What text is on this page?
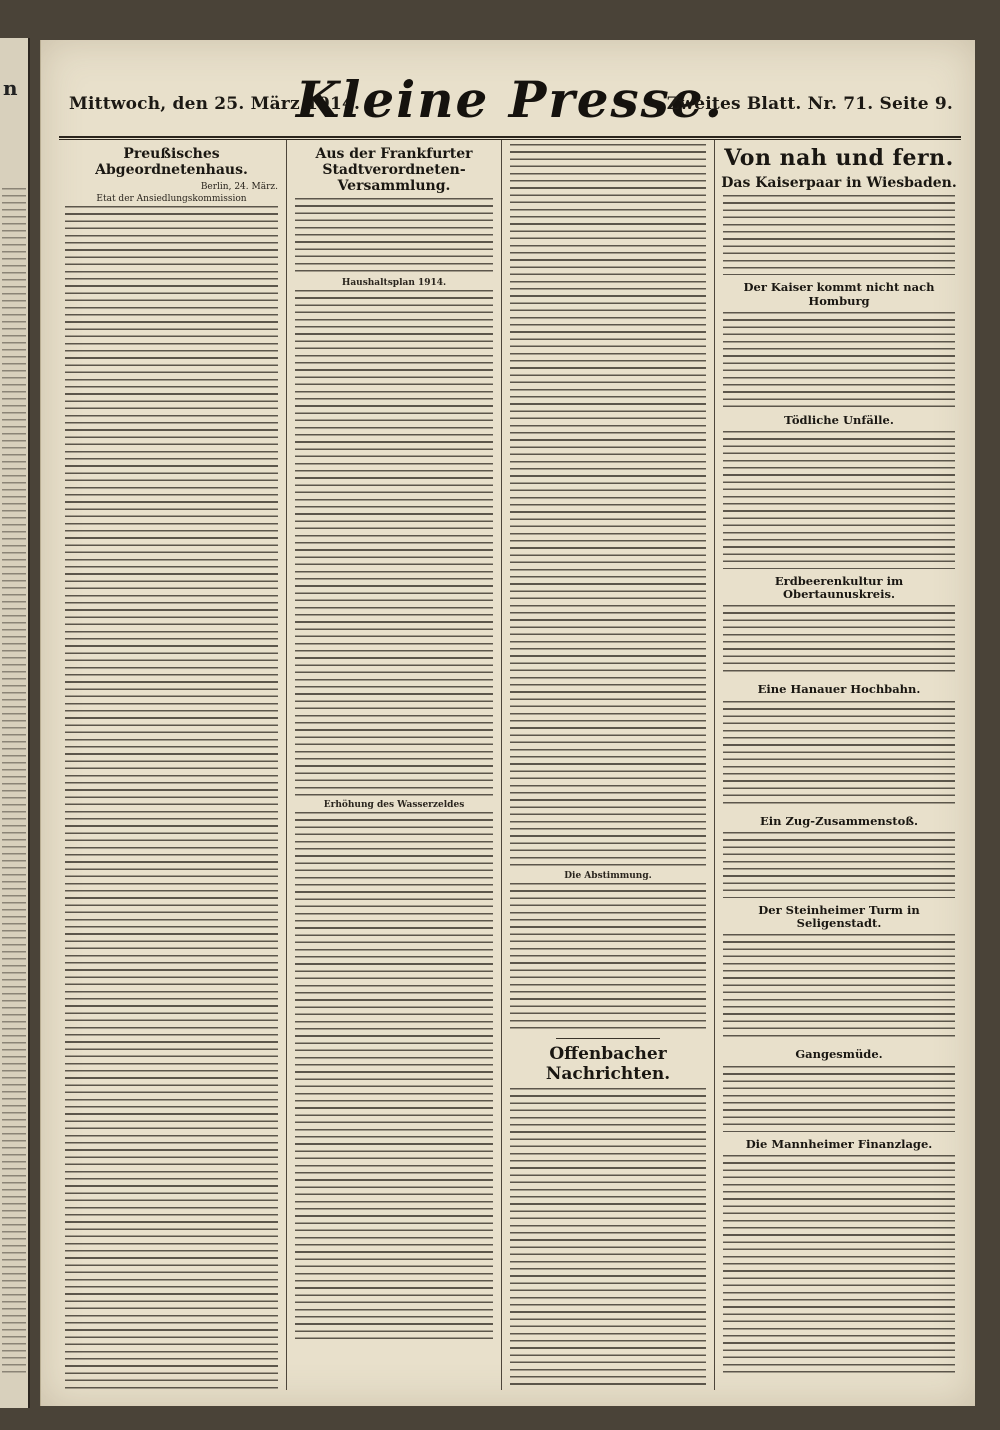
n
Mittwoch, den 25. März 1914.
Kleine Presse.
Zweites Blatt. Nr. 71. Seite 9.
Preußisches Abgeordnetenhaus.
Berlin, 24. März.
Etat der Ansiedlungskommission
Aus der Frankfurter Stadtverordneten-Versammlung.
Haushaltsplan 1914.
Erhöhung des Wasserzeldes
Die Abstimmung.
Offenbacher Nachrichten.
Von nah und fern.
Das Kaiserpaar in Wiesbaden.
Der Kaiser kommt nicht nach Homburg
Tödliche Unfälle.
Erdbeerenkultur im Obertaunuskreis.
Eine Hanauer Hochbahn.
Ein Zug-Zusammenstoß.
Der Steinheimer Turm in Seligenstadt.
Gangesmüde.
Die Mannheimer Finanzlage.
